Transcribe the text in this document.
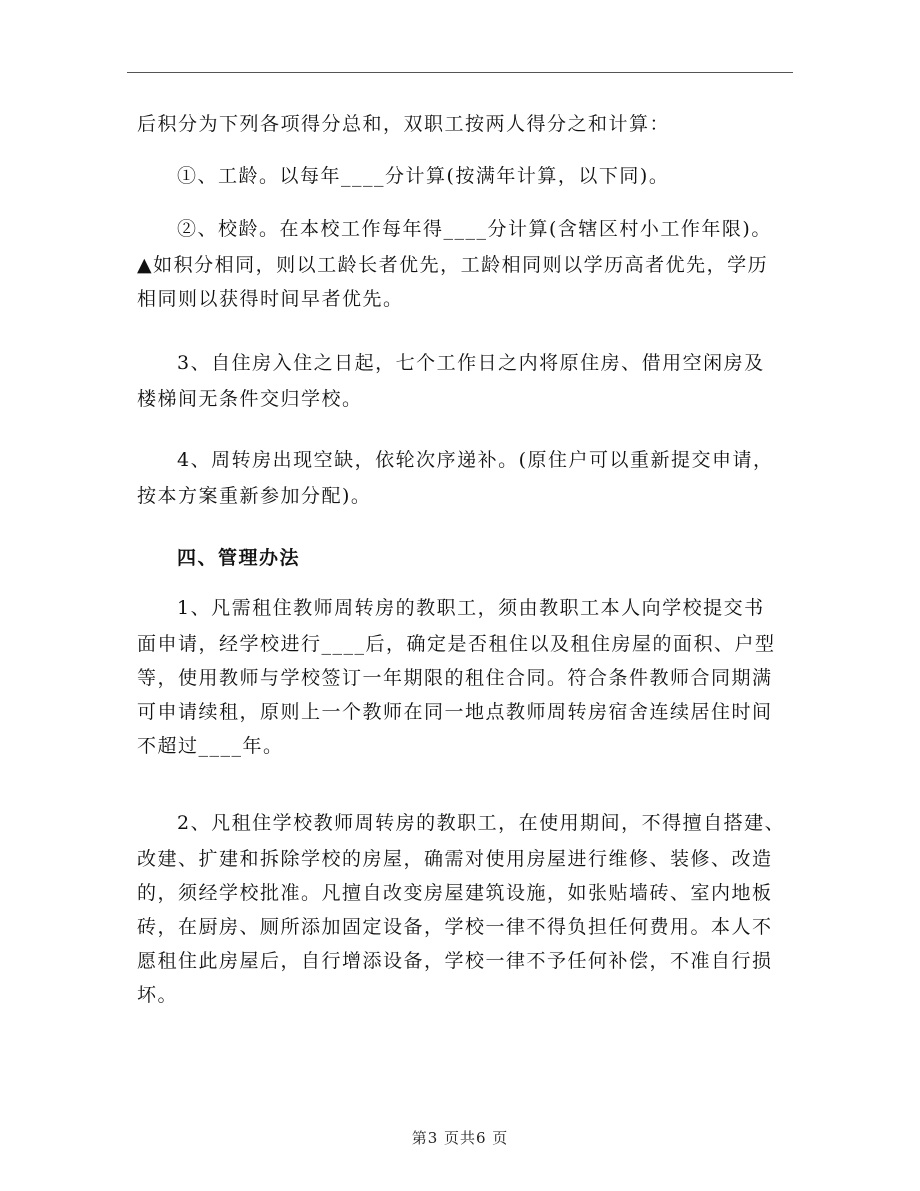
后积分为下列各项得分总和，双职工按两人得分之和计算：
①、工龄。以每年____分计算(按满年计算，以下同)。
②、校龄。在本校工作每年得____分计算(含辖区村小工作年限)。
▲如积分相同，则以工龄长者优先，工龄相同则以学历高者优先，学历
相同则以获得时间早者优先。
3、自住房入住之日起，七个工作日之内将原住房、借用空闲房及
楼梯间无条件交归学校。
4、周转房出现空缺，依轮次序递补。(原住户可以重新提交申请，
按本方案重新参加分配)。
四、管理办法
1、凡需租住教师周转房的教职工，须由教职工本人向学校提交书
面申请，经学校进行____后，确定是否租住以及租住房屋的面积、户型
等，使用教师与学校签订一年期限的租住合同。符合条件教师合同期满
可申请续租，原则上一个教师在同一地点教师周转房宿舍连续居住时间
不超过____年。
2、凡租住学校教师周转房的教职工，在使用期间，不得擅自搭建、
改建、扩建和拆除学校的房屋，确需对使用房屋进行维修、装修、改造
的，须经学校批准。凡擅自改变房屋建筑设施，如张贴墙砖、室内地板
砖，在厨房、厕所添加固定设备，学校一律不得负担任何费用。本人不
愿租住此房屋后，自行增添设备，学校一律不予任何补偿，不准自行损
坏。
第3 页共6 页
